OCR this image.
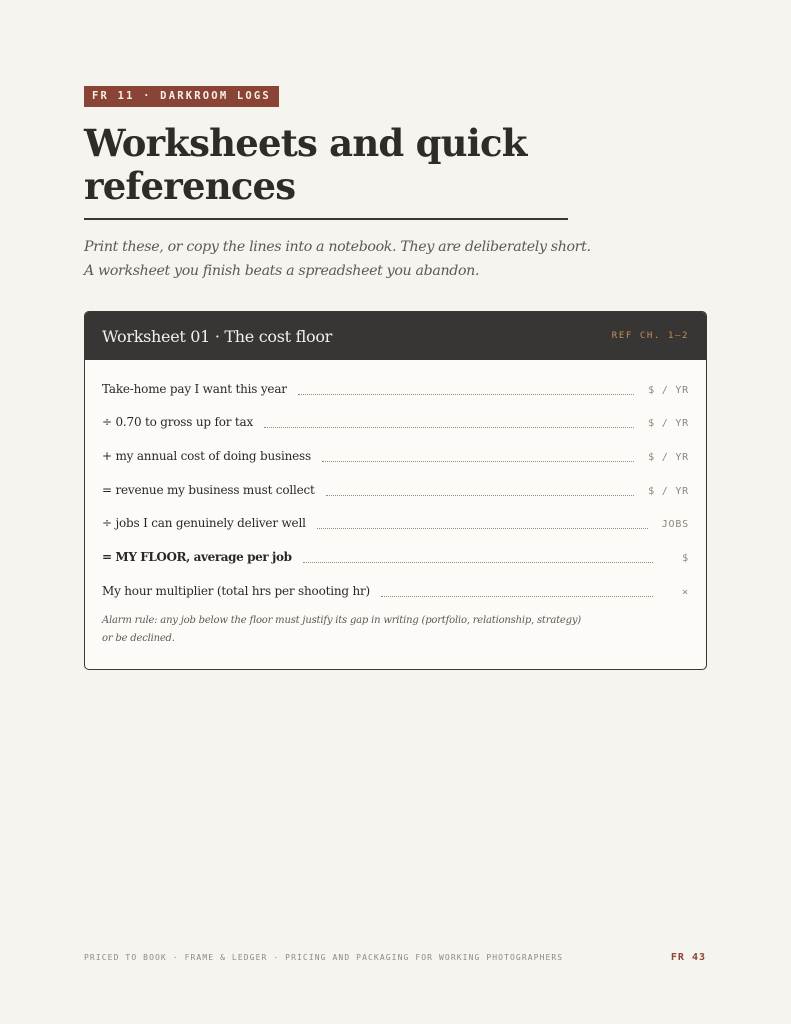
FR 11 · DARKROOM LOGS
Worksheets and quick references
Print these, or copy the lines into a notebook. They are deliberately short.
A worksheet you finish beats a spreadsheet you abandon.
Worksheet 01 · The cost floor	REF CH. 1–2
Take-home pay I want this year	$ / YR
÷ 0.70 to gross up for tax	$ / YR
+ my annual cost of doing business	$ / YR
= revenue my business must collect	$ / YR
÷ jobs I can genuinely deliver well	JOBS
= MY FLOOR, average per job	$
My hour multiplier (total hrs per shooting hr)	×
Alarm rule: any job below the floor must justify its gap in writing (portfolio, relationship, strategy) or be declined.
PRICED TO BOOK · FRAME & LEDGER · PRICING AND PACKAGING FOR WORKING PHOTOGRAPHERS	FR 43
